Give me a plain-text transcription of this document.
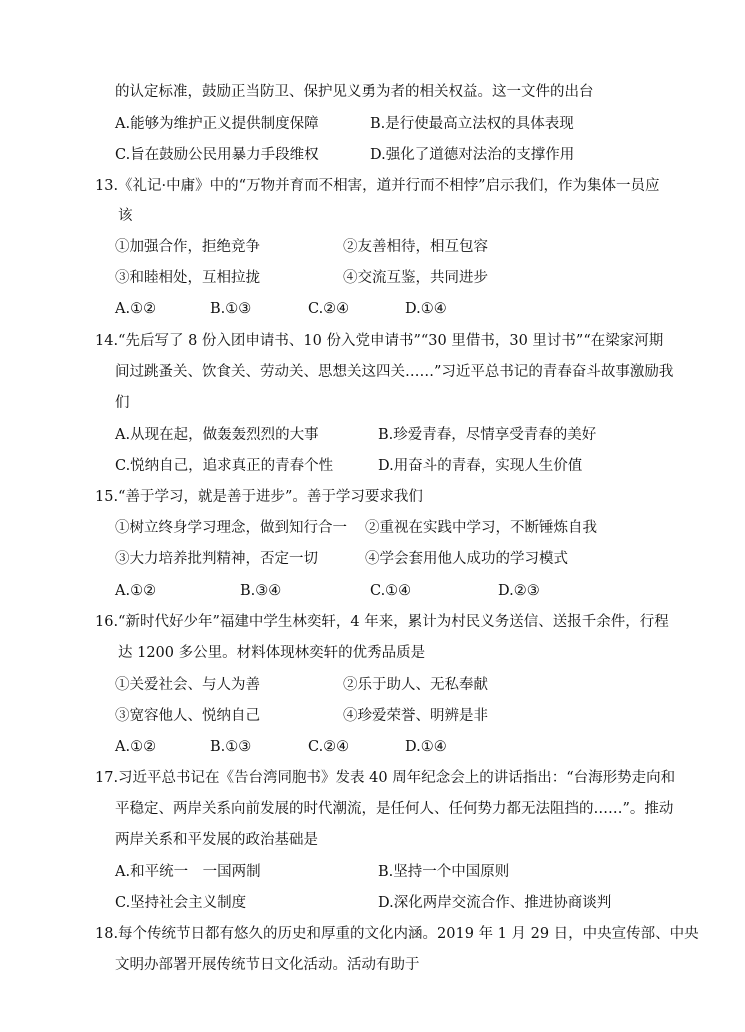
的认定标准，鼓励正当防卫、保护见义勇为者的相关权益。这一文件的出台
A.能够为维护正义提供制度保障	B.是行使最高立法权的具体表现
C.旨在鼓励公民用暴力手段维权	D.强化了道德对法治的支撑作用
13.《礼记·中庸》中的“万物并育而不相害，道并行而不相悖”启示我们，作为集体一员应
该
①加强合作，拒绝竞争	②友善相待，相互包容
③和睦相处，互相拉拢	④交流互鉴，共同进步
A.①②	B.①③	C.②④	D.①④
14.“先后写了 8 份入团申请书、10 份入党申请书”“30 里借书，30 里讨书”“在梁家河期
间过跳蚤关、饮食关、劳动关、思想关这四关……”习近平总书记的青春奋斗故事激励我
们
A.从现在起，做轰轰烈烈的大事	B.珍爱青春，尽情享受青春的美好
C.悦纳自己，追求真正的青春个性	D.用奋斗的青春，实现人生价值
15.“善于学习，就是善于进步”。善于学习要求我们
①树立终身学习理念，做到知行合一 ②重视在实践中学习，不断锤炼自我
③大力培养批判精神，否定一切	④学会套用他人成功的学习模式
A.①②	B.③④	C.①④	D.②③
16.“新时代好少年”福建中学生林奕轩，4 年来，累计为村民义务送信、送报千余件，行程
达 1200 多公里。材料体现林奕轩的优秀品质是
①关爱社会、与人为善	②乐于助人、无私奉献
③宽容他人、悦纳自己	④珍爱荣誉、明辨是非
A.①②	B.①③	C.②④	D.①④
17.习近平总书记在《告台湾同胞书》发表 40 周年纪念会上的讲话指出：“台海形势走向和
平稳定、两岸关系向前发展的时代潮流，是任何人、任何势力都无法阻挡的……”。推动
两岸关系和平发展的政治基础是
A.和平统一　一国两制	B.坚持一个中国原则
C.坚持社会主义制度	D.深化两岸交流合作、推进协商谈判
18.每个传统节日都有悠久的历史和厚重的文化内涵。2019 年 1 月 29 日，中央宣传部、中央
文明办部署开展传统节日文化活动。活动有助于
